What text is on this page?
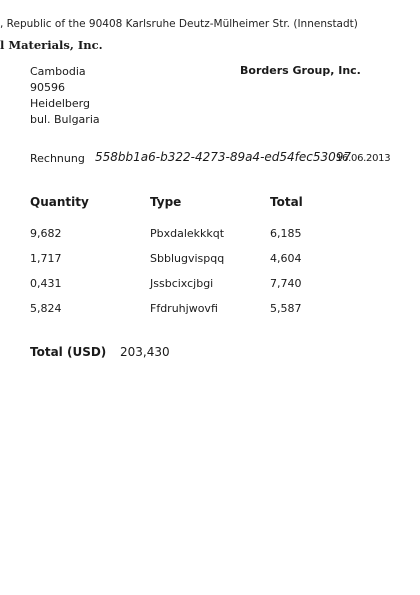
, Republic of the 90408 Karlsruhe Deutz-Mülheimer Str. (Innenstadt)
l Materials, Inc.
Cambodia
90596
Heidelberg
bul. Bulgaria
Borders Group, Inc.
Rechnung 558bb1a6-b322-4273-89a4-ed54fec53097
16.06.2013
Quantity	Type	Total
9,682	Pbxdalekkkqt	6,185
1,717	Sbblugvispqq	4,604
0,431	Jssbcixcjbgi	7,740
5,824	Ffdruhjwovfi	5,587
Total (USD) 203,430
